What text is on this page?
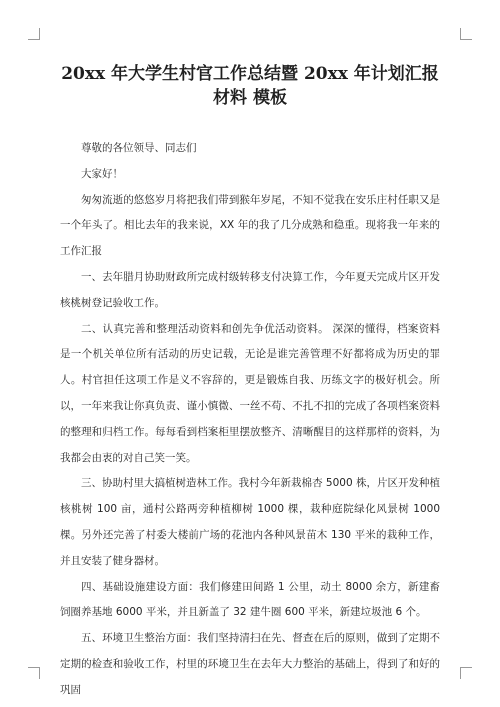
20xx 年大学生村官工作总结暨 20xx 年计划汇报材料 模板

尊敬的各位领导、同志们

大家好！

匆匆流逝的悠悠岁月将把我们带到猴年岁尾，不知不觉我在安乐庄村任职又是一个年头了。相比去年的我来说，XX 年的我了几分成熟和稳重。现将我一年来的工作汇报

一、去年腊月协助财政所完成村级转移支付决算工作，今年夏天完成片区开发核桃树登记验收工作。

二、认真完善和整理活动资料和创先争优活动资料。 深深的懂得，档案资料是一个机关单位所有活动的历史记载，无论是谁完善管理不好都将成为历史的罪人。村官担任这项工作是义不容辞的，更是锻炼自我、历练文字的极好机会。所以，一年来我让你真负责、谨小慎微、一丝不苟、不扎不扣的完成了各项档案资料的整理和归档工作。每每看到档案柜里摆放整齐、清晰醒目的这样那样的资料，为我都会由衷的对自己笑一笑。

三、协助村里大搞植树造林工作。我村今年新栽棉杏 5000 株，片区开发种植核桃树 100 亩，通村公路两旁种植柳树 1000 棵，栽种庭院绿化风景树 1000 棵。另外还完善了村委大楼前广场的花池内各种风景苗木 130 平米的栽种工作，并且安装了健身器材。

四、基础设施建设方面：我们修建田间路 1 公里，动土 8000 余方，新建畜饲圈养基地 6000 平米，并且新盖了 32 建牛圈 600 平米，新建垃圾池 6 个。

五、环境卫生整治方面：我们坚持清扫在先、督查在后的原则，做到了定期不定期的检查和验收工作，村里的环境卫生在去年大力整治的基础上，得到了和好的巩固
